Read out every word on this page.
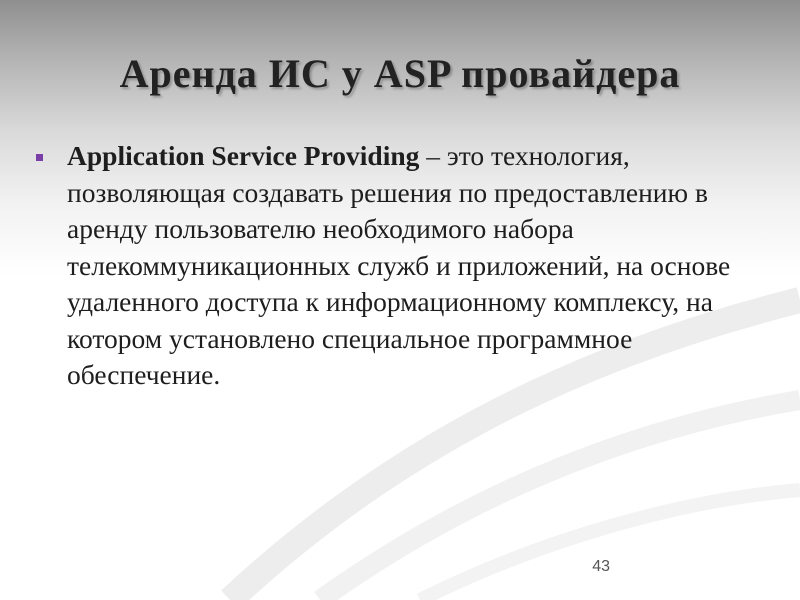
Аренда ИС у ASP провайдера
Application Service Providing – это технология, позволяющая создавать решения по предоставлению в аренду пользователю необходимого набора телекоммуникационных служб и приложений, на основе удаленного доступа к информационному комплексу, на котором установлено специальное программное обеспечение.
43
